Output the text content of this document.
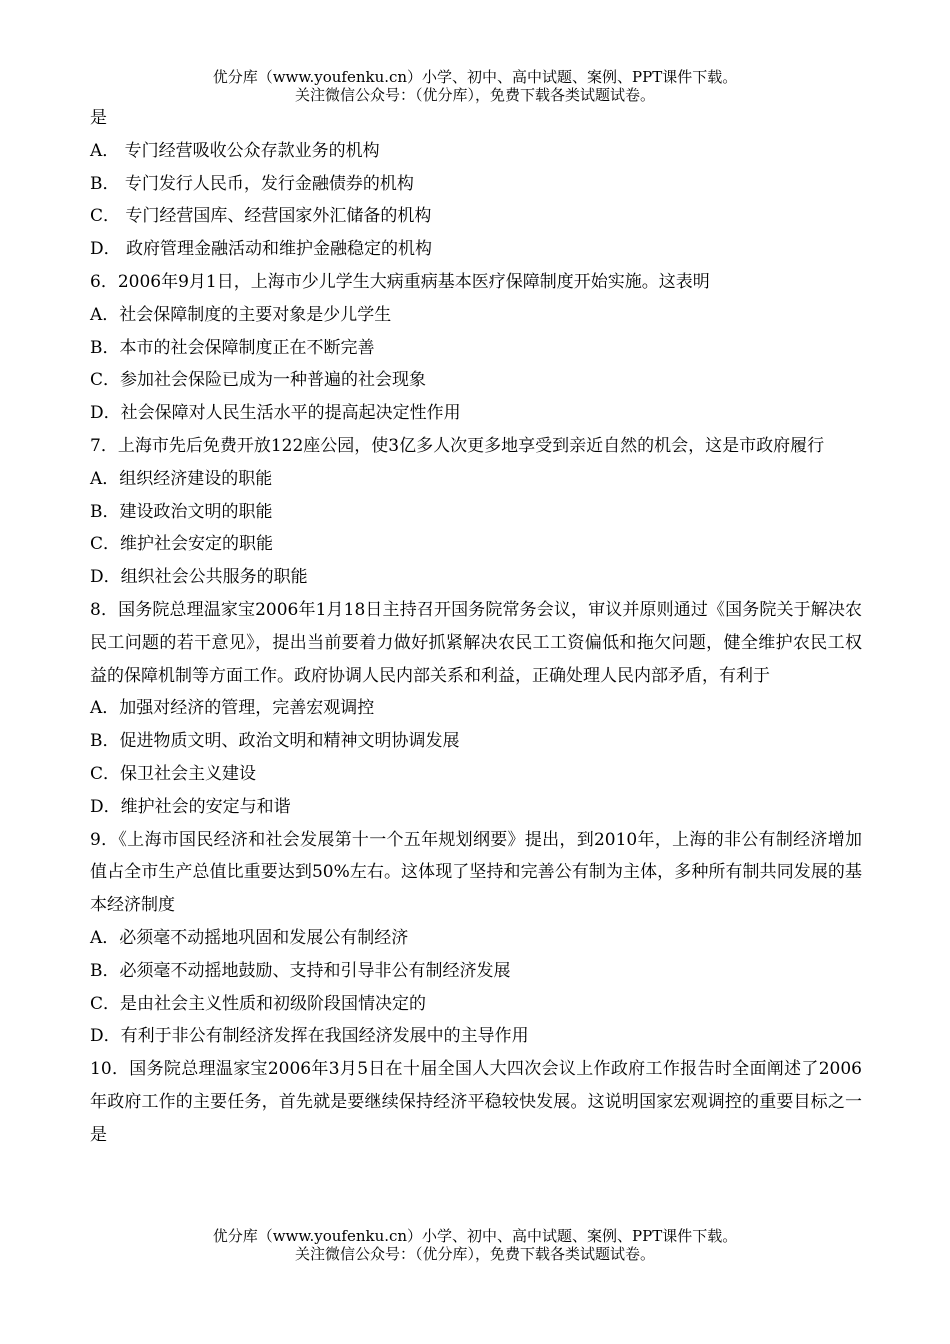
优分库（www.youfenku.cn）小学、初中、高中试题、案例、PPT课件下载。
关注微信公众号：（优分库），免费下载各类试题试卷。
是
A． 专门经营吸收公众存款业务的机构
B． 专门发行人民币，发行金融债券的机构
C． 专门经营国库、经营国家外汇储备的机构
D． 政府管理金融活动和维护金融稳定的机构
6．2006年9月1日，上海市少儿学生大病重病基本医疗保障制度开始实施。这表明
A．社会保障制度的主要对象是少儿学生
B．本市的社会保障制度正在不断完善
C．参加社会保险已成为一种普遍的社会现象
D．社会保障对人民生活水平的提高起决定性作用
7．上海市先后免费开放122座公园，使3亿多人次更多地享受到亲近自然的机会，这是市政府履行
A．组织经济建设的职能
B．建设政治文明的职能
C．维护社会安定的职能
D．组织社会公共服务的职能
8．国务院总理温家宝2006年1月18日主持召开国务院常务会议，审议并原则通过《国务院关于解决农民工问题的若干意见》，提出当前要着力做好抓紧解决农民工工资偏低和拖欠问题，健全维护农民工权益的保障机制等方面工作。政府协调人民内部关系和利益，正确处理人民内部矛盾，有利于
A．加强对经济的管理，完善宏观调控
B．促进物质文明、政治文明和精神文明协调发展
C．保卫社会主义建设
D．维护社会的安定与和谐
9．《上海市国民经济和社会发展第十一个五年规划纲要》提出，到2010年，上海的非公有制经济增加值占全市生产总值比重要达到50%左右。这体现了坚持和完善公有制为主体，多种所有制共同发展的基本经济制度
A．必须毫不动摇地巩固和发展公有制经济
B．必须毫不动摇地鼓励、支持和引导非公有制经济发展
C．是由社会主义性质和初级阶段国情决定的
D．有利于非公有制经济发挥在我国经济发展中的主导作用
10．国务院总理温家宝2006年3月5日在十届全国人大四次会议上作政府工作报告时全面阐述了2006年政府工作的主要任务，首先就是要继续保持经济平稳较快发展。这说明国家宏观调控的重要目标之一是
优分库（www.youfenku.cn）小学、初中、高中试题、案例、PPT课件下载。
关注微信公众号：（优分库），免费下载各类试题试卷。
